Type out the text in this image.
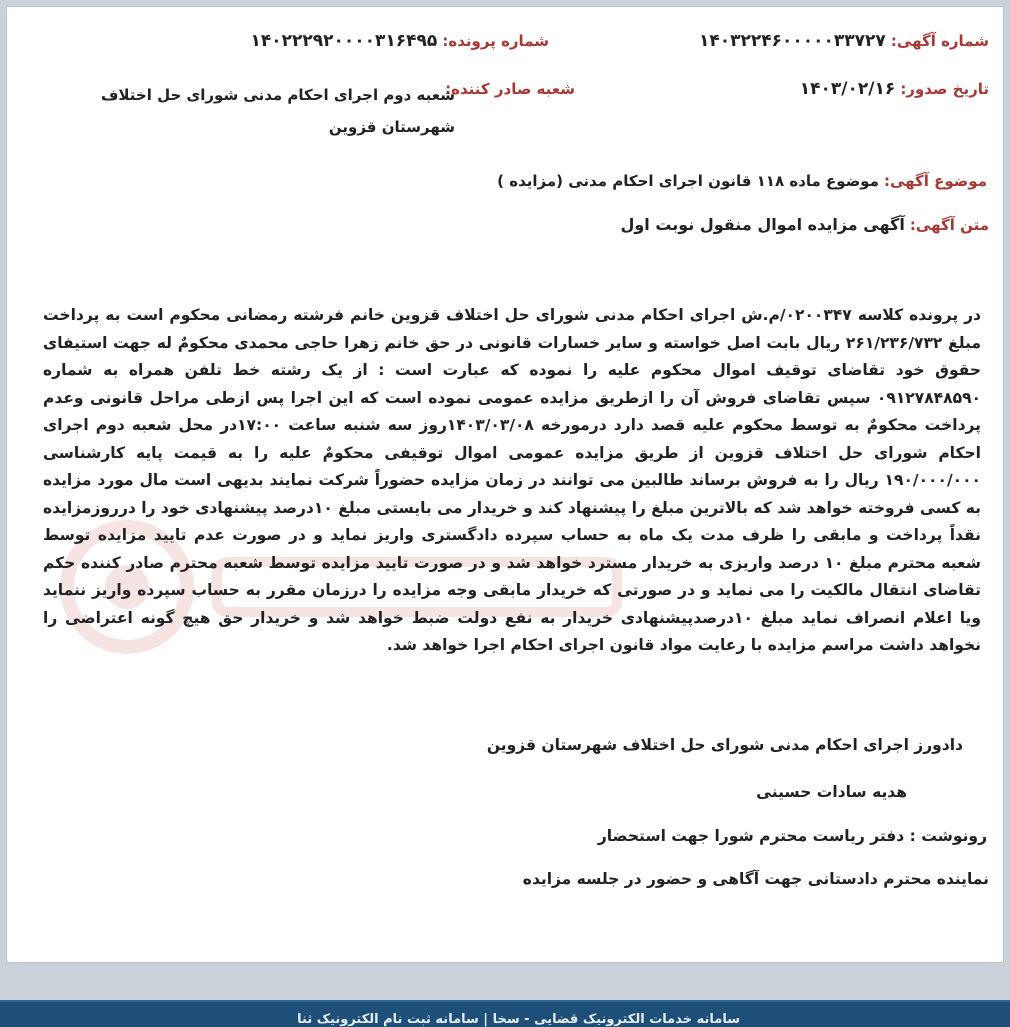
شماره آگهی: ۱۴۰۳۲۲۴۶۰۰۰۰۰۳۳۷۲۷
شماره پرونده: ۱۴۰۲۲۲۹۲۰۰۰۰۳۱۶۴۹۵
تاریخ صدور: ۱۴۰۳/۰۲/۱۶
شعبه صادر کننده:
شعبه دوم اجرای احکام مدنی شورای حل اختلاف شهرستان قزوین
موضوع آگهی: موضوع ماده ۱۱۸ قانون اجرای احکام مدنی (مزایده )
متن آگهی: آگهی مزایده اموال منقول نوبت اول
در پرونده کلاسه ۰۲۰۰۳۴۷/م.ش اجرای احکام مدنی شورای حل اختلاف قزوین خانم فرشته رمضانی محکوم است به پرداخت مبلغ ۲۶۱/۲۳۶/۷۳۲ ریال بابت اصل خواسته و سایر خسارات قانونی در حق خانم زهرا حاجی محمدی محکومٌ له جهت استیفای حقوق خود تقاضای توقیف اموال محکوم علیه را نموده که عبارت است : از یک رشته خط تلفن همراه به شماره ۰۹۱۲۷۸۴۸۵۹۰ سپس تقاضای فروش آن را ازطریق مزایده عمومی نموده است که این اجرا پس ازطی مراحل قانونی وعدم پرداخت محکومٌ به توسط محکوم علیه قصد دارد درمورخه ۱۴۰۳/۰۳/۰۸روز سه شنبه ساعت ۱۷:۰۰در محل شعبه دوم اجرای احکام شورای حل اختلاف قزوین از طریق مزایده عمومی اموال توقیفی محکومٌ علیه را به قیمت پایه کارشناسی ۱۹۰/۰۰۰/۰۰۰ ریال را به فروش برساند طالبین می توانند در زمان مزایده حضوراً شرکت نمایند بدیهی است مال مورد مزایده به کسی فروخته خواهد شد که بالاترین مبلغ را پیشنهاد کند و خریدار می بایستی مبلغ ۱۰درصد پیشنهادی خود را درروزمزایده نقداً پرداخت و مابقی را ظرف مدت یک ماه به حساب سپرده دادگستری واریز نماید و در صورت عدم تایید مزایده توسط شعبه محترم مبلغ ۱۰ درصد واریزی به خریدار مسترد خواهد شد و در صورت تایید مزایده توسط شعبه محترم صادر کننده حکم تقاضای انتقال مالکیت را می نماید و در صورتی که خریدار مابقی وجه مزایده را درزمان مقرر به حساب سپرده واریز ننماید ویا اعلام انصراف نماید مبلغ ۱۰درصدپیشنهادی خریدار به نفع دولت ضبط خواهد شد و خریدار حق هیچ گونه اعتراضی را نخواهد داشت مراسم مزایده با رعایت مواد قانون اجرای احکام اجرا خواهد شد.
دادورز اجرای احکام مدنی شورای حل اختلاف شهرستان قزوین
هدیه سادات حسینی
رونوشت : دفتر ریاست محترم شورا جهت استحضار
نماینده محترم دادستانی جهت آگاهی و حضور در جلسه مزایده
سامانه خدمات الکترونیک قضایی - سخا | سامانه ثبت نام الکترونیک ثنا
